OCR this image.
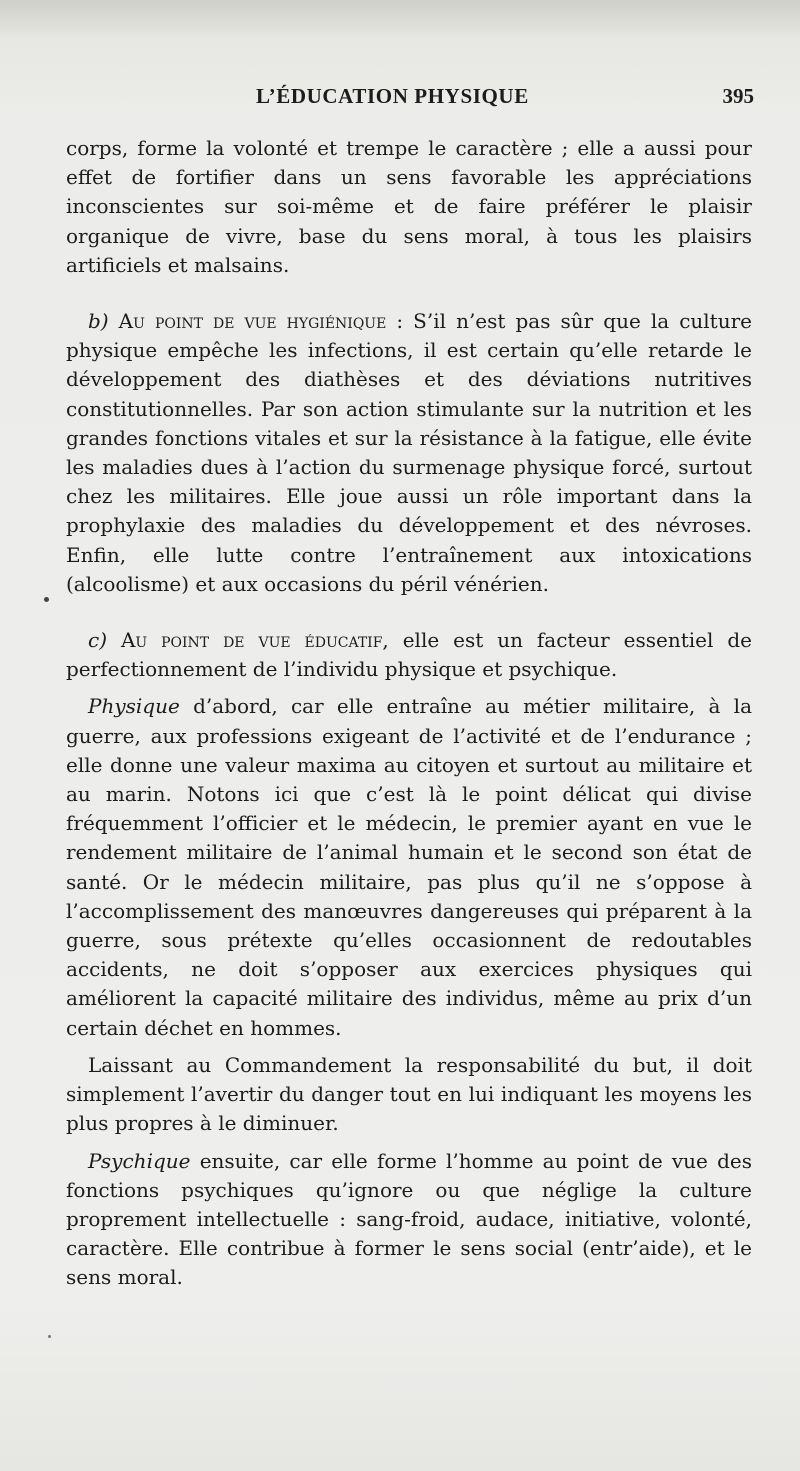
L’ÉDUCATION PHYSIQUE	395

corps, forme la volonté et trempe le caractère ; elle a aussi pour effet de fortifier dans un sens favorable les appréciations inconscientes sur soi-même et de faire préférer le plaisir organique de vivre, base du sens moral, à tous les plaisirs artificiels et malsains.

b) Au point de vue hygiénique : S’il n’est pas sûr que la culture physique empêche les infections, il est certain qu’elle retarde le développement des diathèses et des déviations nutritives constitutionnelles. Par son action stimulante sur la nutrition et les grandes fonctions vitales et sur la résistance à la fatigue, elle évite les maladies dues à l’action du surmenage physique forcé, surtout chez les militaires. Elle joue aussi un rôle important dans la prophylaxie des maladies du développement et des névroses. Enfin, elle lutte contre l’entraînement aux intoxications (alcoolisme) et aux occasions du péril vénérien.

c) Au point de vue éducatif, elle est un facteur essentiel de perfectionnement de l’individu physique et psychique.

Physique d’abord, car elle entraîne au métier militaire, à la guerre, aux professions exigeant de l’activité et de l’endurance ; elle donne une valeur maxima au citoyen et surtout au militaire et au marin. Notons ici que c’est là le point délicat qui divise fréquemment l’officier et le médecin, le premier ayant en vue le rendement militaire de l’animal humain et le second son état de santé. Or le médecin militaire, pas plus qu’il ne s’oppose à l’accomplissement des manœuvres dangereuses qui préparent à la guerre, sous prétexte qu’elles occasionnent de redoutables accidents, ne doit s’opposer aux exercices physiques qui améliorent la capacité militaire des individus, même au prix d’un certain déchet en hommes.

Laissant au Commandement la responsabilité du but, il doit simplement l’avertir du danger tout en lui indiquant les moyens les plus propres à le diminuer.

Psychique ensuite, car elle forme l’homme au point de vue des fonctions psychiques qu’ignore ou que néglige la culture proprement intellectuelle : sang-froid, audace, initiative, volonté, caractère. Elle contribue à former le sens social (entr’aide), et le sens moral.
